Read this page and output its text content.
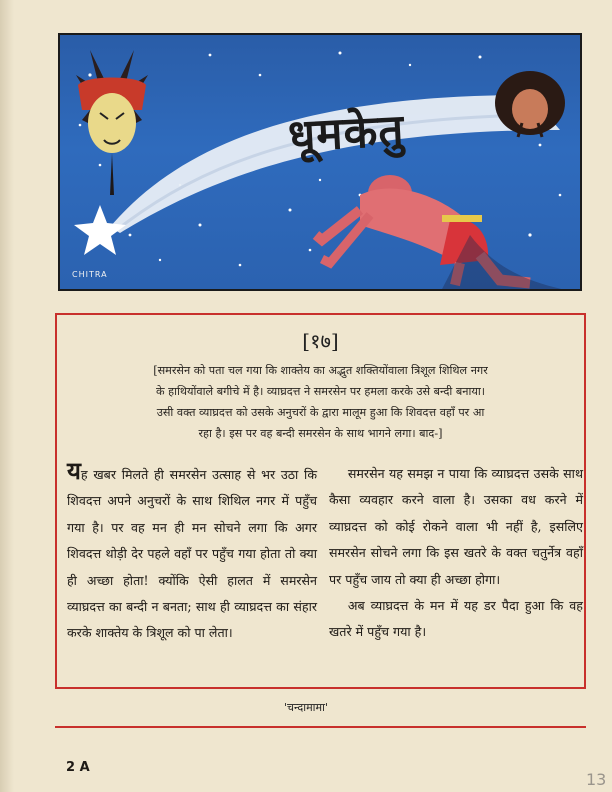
धूमकेतु
CHITRA
[१७]
[समरसेन को पता चल गया कि शाक्तेय का अद्भुत शक्तियोंवाला त्रिशूल शिथिल नगर
के हाथियोंवाले बगीचे में है। व्याघ्रदत्त ने समरसेन पर हमला करके उसे बन्दी बनाया।
उसी वक्त व्याघ्रदत्त को उसके अनुचरों के द्वारा मालूम हुआ कि शिवदत्त वहाँ पर आ
रहा है। इस पर वह बन्दी समरसेन के साथ भागने लगा। बाद-]
यह खबर मिलते ही समरसेन उत्साह से भर उठा कि शिवदत्त अपने अनुचरों के साथ शिथिल नगर में पहुँच गया है। पर वह मन ही मन सोचने लगा कि अगर शिवदत्त थोड़ी देर पहले वहाँ पर पहुँच गया होता तो क्या ही अच्छा होता! क्योंकि ऐसी हालत में समरसेन व्याघ्रदत्त का बन्दी न बनता; साथ ही व्याघ्रदत्त का संहार करके शाक्तेय के त्रिशूल को पा लेता।
समरसेन यह समझ न पाया कि व्याघ्रदत्त उसके साथ कैसा व्यवहार करने वाला है। उसका वध करने में व्याघ्रदत्त को कोई रोकने वाला भी नहीं है, इसलिए समरसेन सोचने लगा कि इस खतरे के वक्त चतुर्नेत्र वहाँ पर पहुँच जाय तो क्या ही अच्छा होगा।
अब व्याघ्रदत्त के मन में यह डर पैदा हुआ कि वह खतरे में पहुँच गया है।
'चन्दामामा'
2 A
13
